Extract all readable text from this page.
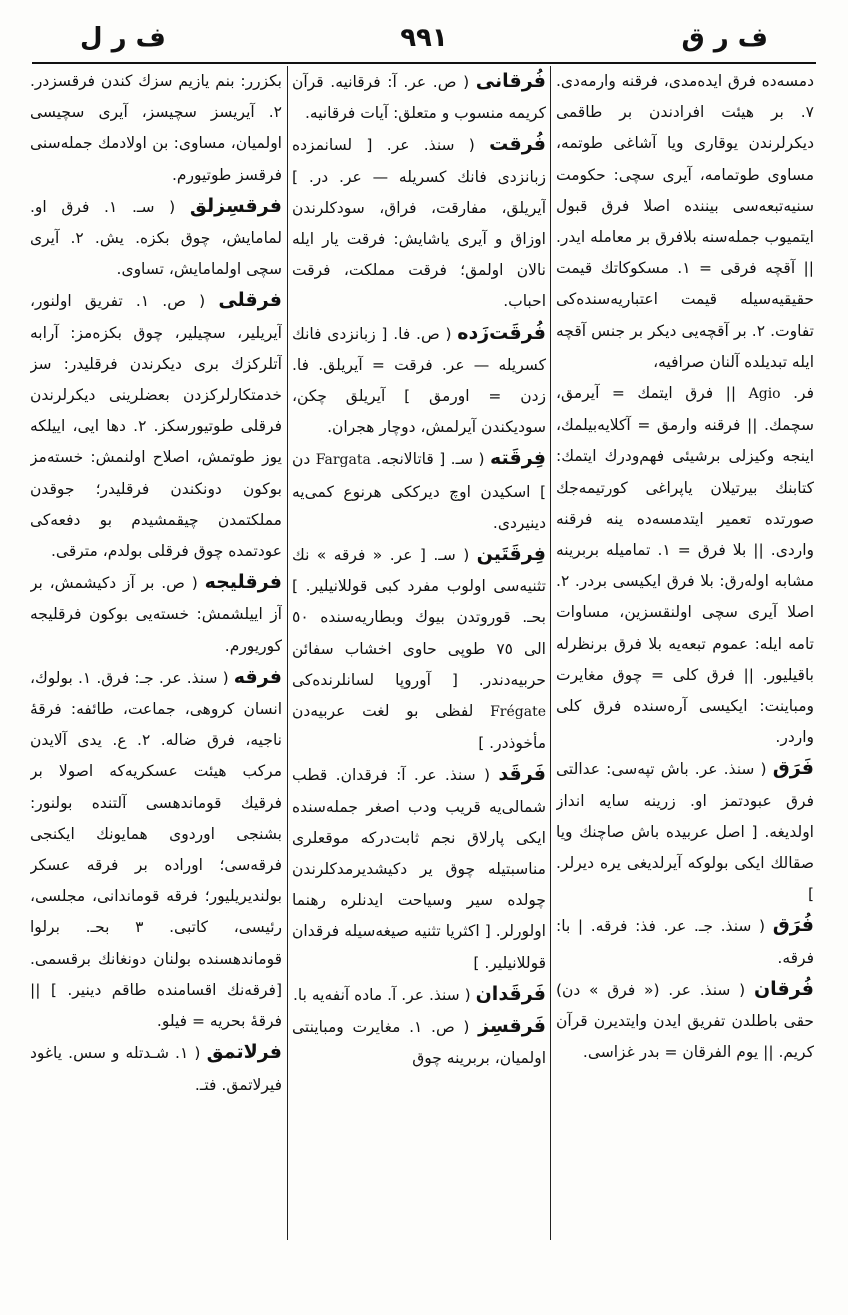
ف ر ل	٩٩١	ف ر ق

دمسه‌ده فرق ایده‌مدی، فرقنه وارمه‌دی. ٧. بر هیئت افرادندن بر طاقمی دیکرلرندن یوقاری ویا آشاغی طوتمه، مساوی طوتمامه، آیری سچی: حکومت سنیه‌تبعه‌سی بیننده اصلا فرق قبول ایتمیوب جمله‌سنه بلافرق بر معامله ایدر. || آقچه فرقی = ١. مسکوکاتك قیمت حقیقیه‌سیله قیمت اعتباریه‌سنده‌کی تفاوت. ٢. بر آقچه‌یی دیکر بر جنس آقچه ایله تبدیلده آلنان صرافیه،

فر. Agio || فرق ایتمك = آیرمق، سچمك. || فرقنه وارمق = آکلایه‌بیلمك، اینجه وکیزلی برشیئی فهم‌ودرك ایتمك: کتابنك بیرتیلان یاپراغی کورتیمه‌جك صورتده تعمیر ایتدمسه‌ده ینه فرقنه واردی. || بلا فرق = ١. تماميله بربرینه مشابه اوله‌رق: بلا فرق ایکیسی بردر. ٢. اصلا آیری سچی اولنقسزین، مساوات تامه ایله: عموم تبعه‌یه بلا فرق برنظرله باقیلیور. || فرق کلی = چوق مغایرت ومباینت: ایکیسی آره‌سنده فرق کلی واردر.

فَرَق ( سنذ. عر. باش تپه‌سی: عدالتی فرق عبودتمز او. زرینه سایه انداز اولدیغه. [ اصل عربیده باش صاچنك ویا صقالك ایکی بولوکه آیرلدیغی یره دیرلر. ]

فُرَق ( سنذ. جـ. عر. فذ: فرقه. | با: فرقه.

فُرقان ( سنذ. عر. (« فرق » دن) حقی باطلدن تفریق ایدن وایتدیرن قرآن کریم. || یوم الفرقان = بدر غزاسی.

فُرقانی ( ص. عر. آ: فرقانیه. قرآن کریمه منسوب و متعلق: آیات فرقانیه.

فُرقت ( سنذ. عر. [ لسانمزده زبانزدی فانك کسریله — عر. در. ] آیریلق، مفارقت، فراق، سودکلرندن اوزاق و آیری یاشایش: فرقت یار ایله نالان اولمق؛ فرقت مملکت، فرقت احباب.

فُرقَت‌زَده ( ص. فا. [ زبانزدی فانك کسریله — عر. فرقت = آیریلق. فا. زدن = اورمق ] آیریلق چکن، سودیکندن آیرلمش، دوچار هجران.

فِرقَته ( سـ. [ قاتالانجه. Fargata دن ] اسکیدن اوچ دیرککی هرنوع کمی‌یه دینیردی.

فِرقَتَین ( سـ. [ عر. « فرقه » نك تثنیه‌سی اولوب مفرد کبی قوللانیلیر. ] بحـ. قوروتدن بیوك وبطاریه‌سنده ٥٠ الی ٧٥ طوپی حاوی اخشاب سفائن حربیه‌دندر. [ آوروپا لسانلرنده‌کی Frégate لفظی بو لغت عربیه‌دن مأخوذدر. ]

فَرقَد ( سنذ. عر. آ: فرقدان. قطب شمالی‌یه قریب ودب اصغر جمله‌سنده ایکی پارلاق نجم ثابت‌درکه موقعلری مناسبتیله چوق یر دکیشدیرمدکلرندن چولده سیر وسیاحت ایدنلره رهنما اولورلر. [ اکثریا تثنیه صیغه‌سیله فرقدان قوللانیلیر. ]

فَرقَدان ( سنذ. عر. آ. ماده آنفه‌یه با.

فَرقسِز ( ص. ١. مغایرت ومباینتی اولمیان، بربرینه چوق

بکزرر: بنم یازیم سزك کندن فرقسزدر. ٢. آیریسز سچیسز، آیری سچیسی اولمیان، مساوی: بن اولادمك جمله‌سنی فرقسز طوتیورم.

فرقسِزلق ( سـ. ١. فرق او. لمامایش، چوق بکزه. یش. ٢. آیری سچی اولمامایش، تساوی.

فرقلی ( ص. ١. تفریق اولنور، آیریلیر، سچیلیر، چوق بکزه‌مز: آرابه آتلرکزك بری دیکرندن فرقلیدر: سز خدمتکارلرکزدن بعضلرینی دیکرلرندن فرقلی طوتیورسکز. ٢. دها ایی، اییلکه یوز طوتمش، اصلاح اولنمش: خسته‌مز بوکون دونکندن فرقلیدر؛ جوقدن مملکتمدن چیقمشیدم بو دفعه‌کی عودتمده چوق فرقلی بولدم، مترقی.

فرقلیجه ( ص. بر آز دکیشمش، بر آز اییلشمش: خسته‌یی بوکون فرقلیجه کوریورم.

فرقه ( سنذ. عر. جـ: فرق. ١. بولوك، انسان کروهی، جماعت، طائفه: فرقهٔ ناجیه، فرق ضاله. ٢. ع. یدی آلایدن مرکب هیئت عسکریه‌که اصولا بر فرقیك قوماندهسی آلتنده بولنور: بشنجی اوردوی همایونك ایکنجی فرقه‌سی؛ اوراده بر فرقه عسکر بولندیریلیور؛ فرقه قوماندانی، مجلسی، رئیسی، کاتبی. ٣ بحـ. برلوا قوماندهسنده بولنان دونغانك برقسمی. [فرقه‌نك اقسامنده طاقم دینیر. ] || فرقهٔ بحریه = فیلو.

فرلاتمق ( ١. شـدتله و سس. یاغود فیرلاتمق. فتـ.
